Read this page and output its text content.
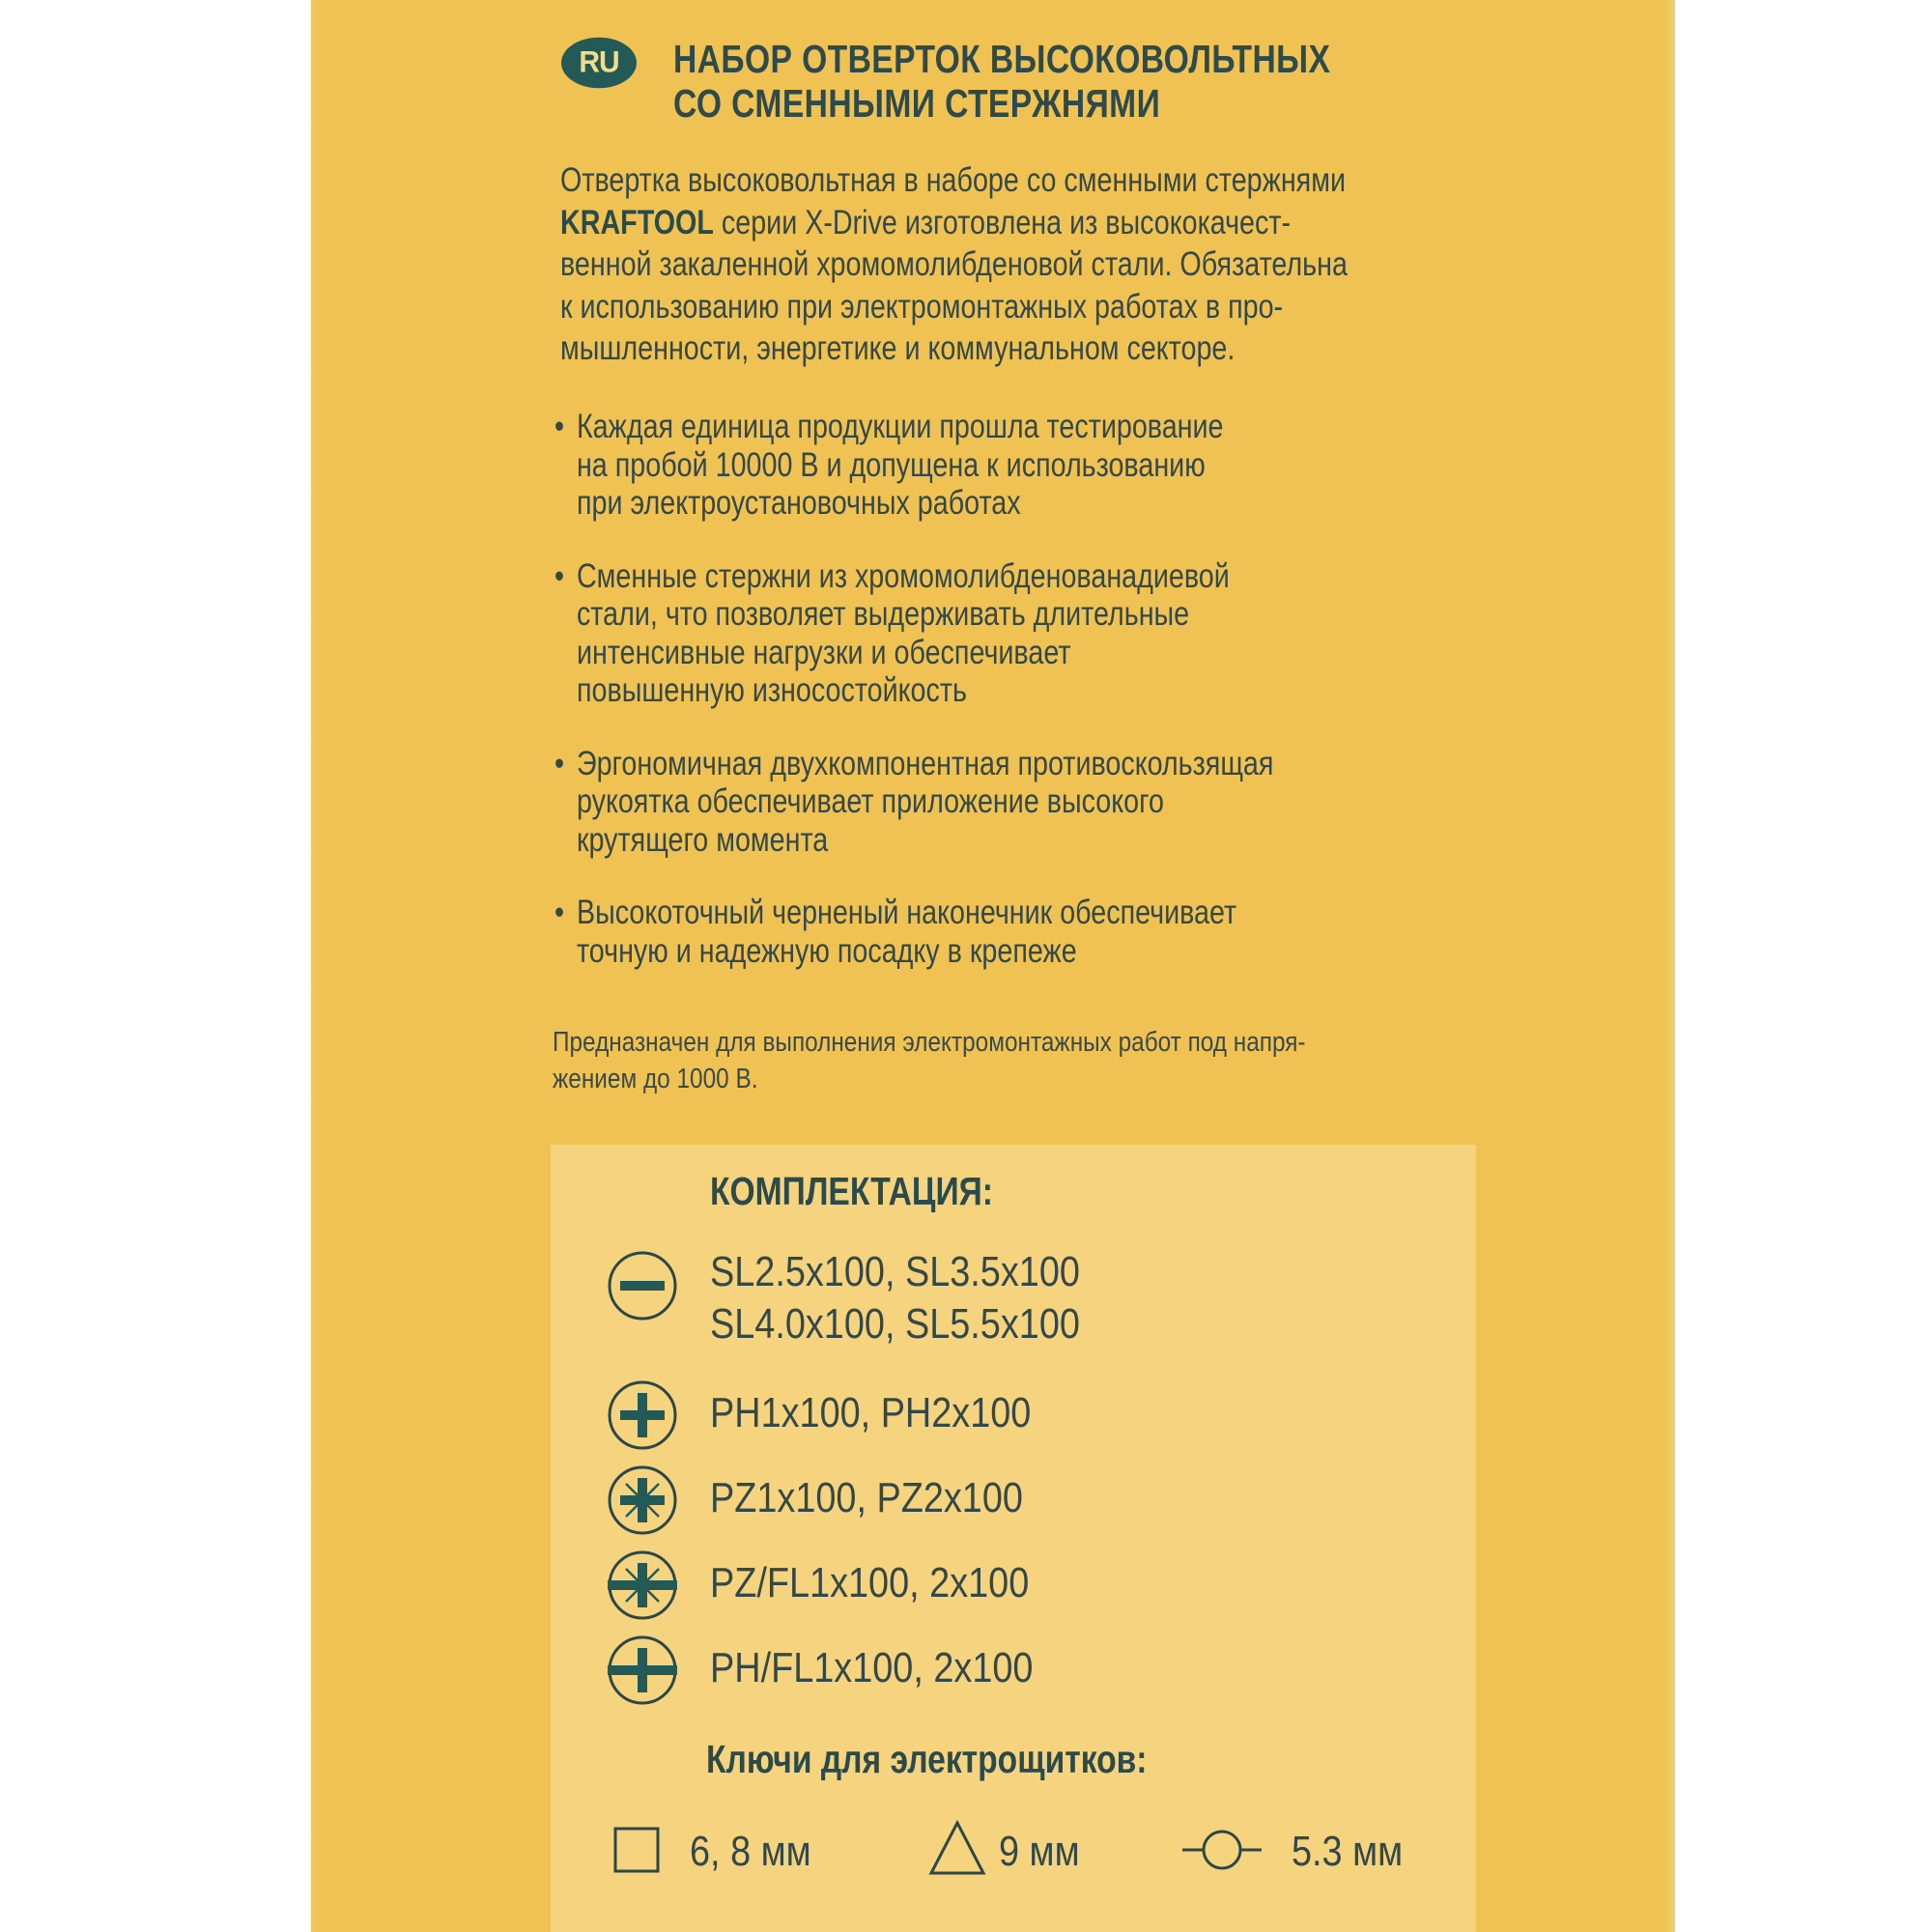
RU НАБОР ОТВЕРТОК ВЫСОКОВОЛЬТНЫХ
СО СМЕННЫМИ СТЕРЖНЯМИ
Отвертка высоковольтная в наборе со сменными стержнями
KRAFTOOL серии X-Drive изготовлена из высококачест-
венной закаленной хромомолибденовой стали. Обязательна
к использованию при электромонтажных работах в про-
мышленности, энергетике и коммунальном секторе.
• Каждая единица продукции прошла тестирование
на пробой 10000 В и допущена к использованию
при электроустановочных работах
• Сменные стержни из хромомолибденованадиевой
стали, что позволяет выдерживать длительные
интенсивные нагрузки и обеспечивает
повышенную износостойкость
• Эргономичная двухкомпонентная противоскользящая
рукоятка обеспечивает приложение высокого
крутящего момента
• Высокоточный черненый наконечник обеспечивает
точную и надежную посадку в крепеже
Предназначен для выполнения электромонтажных работ под напря-
жением до 1000 В.
КОМПЛЕКТАЦИЯ:
SL2.5x100, SL3.5x100
SL4.0x100, SL5.5x100
PH1x100, PH2x100
PZ1x100, PZ2x100
PZ/FL1x100, 2x100
PH/FL1x100, 2x100
Ключи для электрощитков:
6, 8 мм	9 мм	5.3 мм
